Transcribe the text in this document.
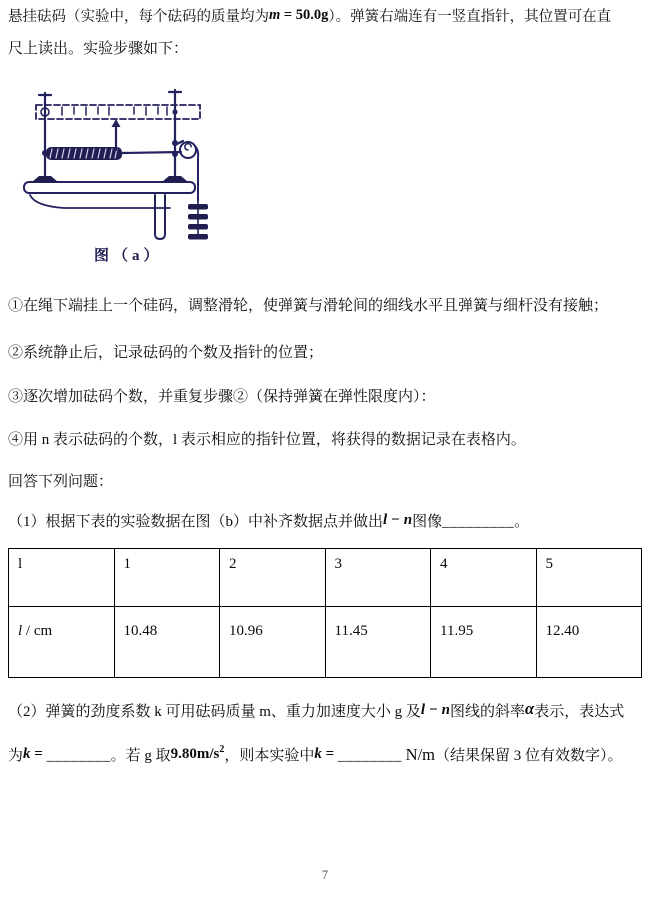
悬挂砝码（实验中，每个砝码的质量均为m = 50.0g）。弹簧右端连有一竖直指针，其位置可在直
尺上读出。实验步骤如下：
图（a）
①在绳下端挂上一个硅码，调整滑轮，使弹簧与滑轮间的细线水平且弹簧与细杆没有接触；
②系统静止后，记录砝码的个数及指针的位置；
③逐次增加砝码个数，并重复步骤②（保持弹簧在弹性限度内）：
④用 n 表示砝码的个数，l 表示相应的指针位置，将获得的数据记录在表格内。
回答下列问题：
（1）根据下表的实验数据在图（b）中补齐数据点并做出l − n图像_________。
l	1	2	3	4	5
l / cm	10.48	10.96	11.45	11.95	12.40
（2）弹簧的劲度系数 k 可用砝码质量 m、重力加速度大小 g 及l − n图线的斜率α表示，表达式
为k = ________。若 g 取$9.80m/s^2$，则本实验中k = ________ N/m（结果保留 3 位有效数字）。
7
